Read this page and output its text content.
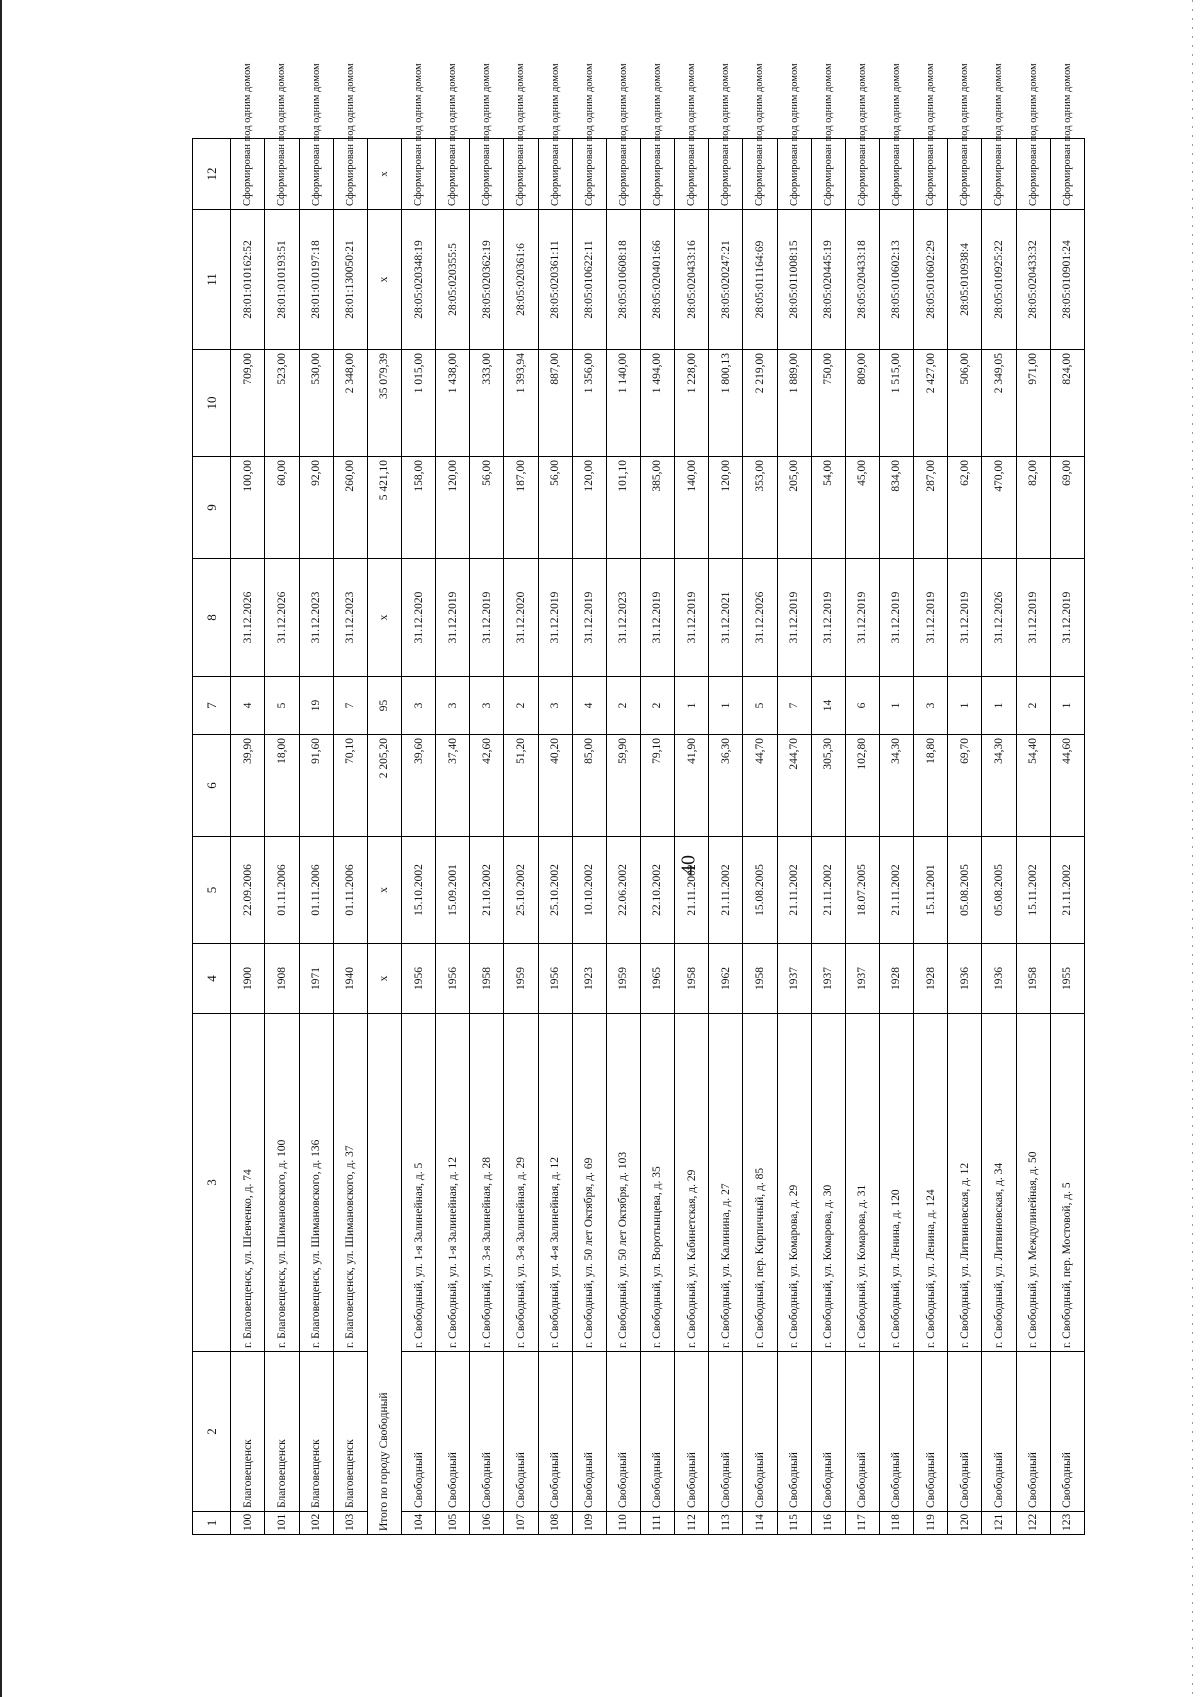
40
1	2	3	4	5	6	7	8	9	10	11	12
100	Благовещенск	г. Благовещенск, ул. Шевченко, д. 74	1900	22.09.2006	39,90	4	31.12.2026	100,00	709,00	28:01:010162:52	Сформирован под одним домом
101	Благовещенск	г. Благовещенск, ул. Шимановского, д. 100	1908	01.11.2006	18,00	5	31.12.2026	60,00	523,00	28:01:010193:51	Сформирован под одним домом
102	Благовещенск	г. Благовещенск, ул. Шимановского, д. 136	1971	01.11.2006	91,60	19	31.12.2023	92,00	530,00	28:01:010197:18	Сформирован под одним домом
103	Благовещенск	г. Благовещенск, ул. Шимановского, д. 37	1940	01.11.2006	70,10	7	31.12.2023	260,00	2 348,00	28:01:130050:21	Сформирован под одним домом
Итого по городу Свободный			x	x	2 205,20	95	x	5 421,10	35 079,39	x	x
104	Свободный	г. Свободный, ул. 1-я Залинейная, д. 5	1956	15.10.2002	39,60	3	31.12.2020	158,00	1 015,00	28:05:020348:19	Сформирован под одним домом
105	Свободный	г. Свободный, ул. 1-я Залинейная, д. 12	1956	15.09.2001	37,40	3	31.12.2019	120,00	1 438,00	28:05:020355:5	Сформирован под одним домом
106	Свободный	г. Свободный, ул. 3-я Залинейная, д. 28	1958	21.10.2002	42,60	3	31.12.2019	56,00	333,00	28:05:020362:19	Сформирован под одним домом
107	Свободный	г. Свободный, ул. 3-я Залинейная, д. 29	1959	25.10.2002	51,20	2	31.12.2020	187,00	1 393,94	28:05:020361:6	Сформирован под одним домом
108	Свободный	г. Свободный, ул. 4-я Залинейная, д. 12	1956	25.10.2002	40,20	3	31.12.2019	56,00	887,00	28:05:020361:11	Сформирован под одним домом
109	Свободный	г. Свободный, ул. 50 лет Октября, д. 69	1923	10.10.2002	85,00	4	31.12.2019	120,00	1 356,00	28:05:010622:11	Сформирован под одним домом
110	Свободный	г. Свободный, ул. 50 лет Октября, д. 103	1959	22.06.2002	59,90	2	31.12.2023	101,10	1 140,00	28:05:010608:18	Сформирован под одним домом
111	Свободный	г. Свободный, ул. Воротынцева, д. 35	1965	22.10.2002	79,10	2	31.12.2019	385,00	1 494,00	28:05:020401:66	Сформирован под одним домом
112	Свободный	г. Свободный, ул. Кабинетская, д. 29	1958	21.11.2002	41,90	1	31.12.2019	140,00	1 228,00	28:05:020433:16	Сформирован под одним домом
113	Свободный	г. Свободный, ул. Калинина, д. 27	1962	21.11.2002	36,30	1	31.12.2021	120,00	1 800,13	28:05:020247:21	Сформирован под одним домом
114	Свободный	г. Свободный, пер. Кирпичный, д. 85	1958	15.08.2005	44,70	5	31.12.2026	353,00	2 219,00	28:05:011164:69	Сформирован под одним домом
115	Свободный	г. Свободный, ул. Комарова, д. 29	1937	21.11.2002	244,70	7	31.12.2019	205,00	1 889,00	28:05:011008:15	Сформирован под одним домом
116	Свободный	г. Свободный, ул. Комарова, д. 30	1937	21.11.2002	305,30	14	31.12.2019	54,00	750,00	28:05:020445:19	Сформирован под одним домом
117	Свободный	г. Свободный, ул. Комарова, д. 31	1937	18.07.2005	102,80	6	31.12.2019	45,00	809,00	28:05:020433:18	Сформирован под одним домом
118	Свободный	г. Свободный, ул. Ленина, д. 120	1928	21.11.2002	34,30	1	31.12.2019	834,00	1 515,00	28:05:010602:13	Сформирован под одним домом
119	Свободный	г. Свободный, ул. Ленина, д. 124	1928	15.11.2001	18,80	3	31.12.2019	287,00	2 427,00	28:05:010602:29	Сформирован под одним домом
120	Свободный	г. Свободный, ул. Литвиновская, д. 12	1936	05.08.2005	69,70	1	31.12.2019	62,00	506,00	28:05:010938:4	Сформирован под одним домом
121	Свободный	г. Свободный, ул. Литвиновская, д. 34	1936	05.08.2005	34,30	1	31.12.2026	470,00	2 349,05	28:05:010925:22	Сформирован под одним домом
122	Свободный	г. Свободный, ул. Междулинейная, д. 50	1958	15.11.2002	54,40	2	31.12.2019	82,00	971,00	28:05:020433:32	Сформирован под одним домом
123	Свободный	г. Свободный, пер. Мостовой, д. 5	1955	21.11.2002	44,60	1	31.12.2019	69,00	824,00	28:05:010901:24	Сформирован под одним домом
